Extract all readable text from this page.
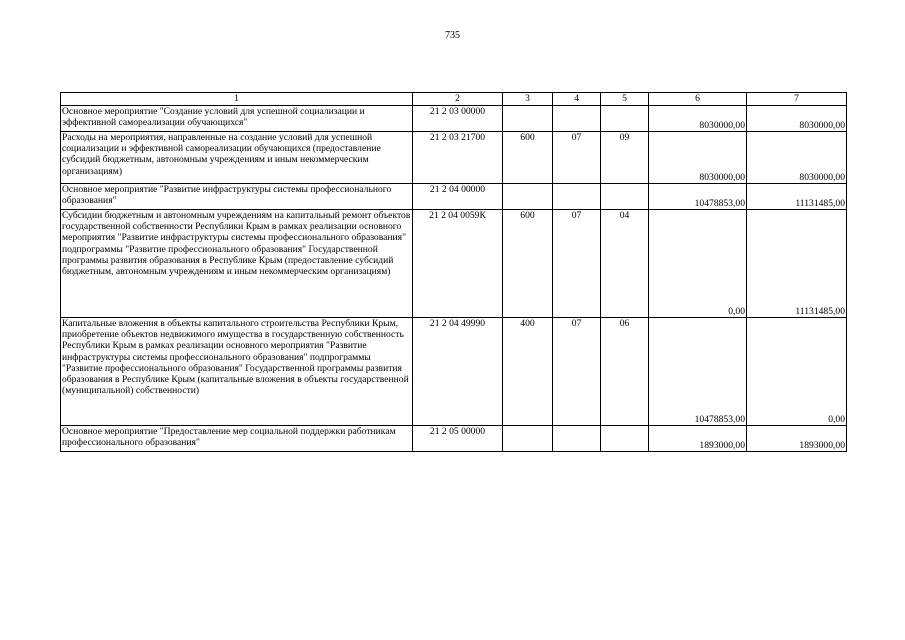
735
1	2	3	4	5	6	7
Основное мероприятие "Создание условий для успешной социализации и эффективной самореализации обучающихся"	21 2 03 00000				8030000,00	8030000,00
Расходы на мероприятия, направленные на создание условий для успешной социализации и эффективной самореализации обучающихся (предоставление субсидий бюджетным, автономным учреждениям и иным некоммерческим организациям)	21 2 03 21700	600	07	09	8030000,00	8030000,00
Основное мероприятие "Развитие инфраструктуры системы профессионального образования"	21 2 04 00000				10478853,00	11131485,00
Субсидии бюджетным и автономным учреждениям на капитальный ремонт объектов государственной собственности Республики Крым в рамках реализации основного мероприятия "Развитие инфраструктуры системы профессионального образования" подпрограммы "Развитие профессионального образования" Государственной программы развития образования в Республике Крым (предоставление субсидий бюджетным, автономным учреждениям и иным некоммерческим организациям)	21 2 04 0059К	600	07	04	0,00	11131485,00
Капитальные вложения в объекты капитального строительства Республики Крым, приобретение объектов недвижимого имущества в государственную собственность Республики Крым в рамках реализации основного мероприятия "Развитие инфраструктуры системы профессионального образования" подпрограммы "Развитие профессионального образования" Государственной программы развития образования в Республике Крым (капитальные вложения в объекты государственной (муниципальной) собственности)	21 2 04 49990	400	07	06	10478853,00	0,00
Основное мероприятие "Предоставление мер социальной поддержки работникам профессионального образования"	21 2 05 00000				1893000,00	1893000,00
